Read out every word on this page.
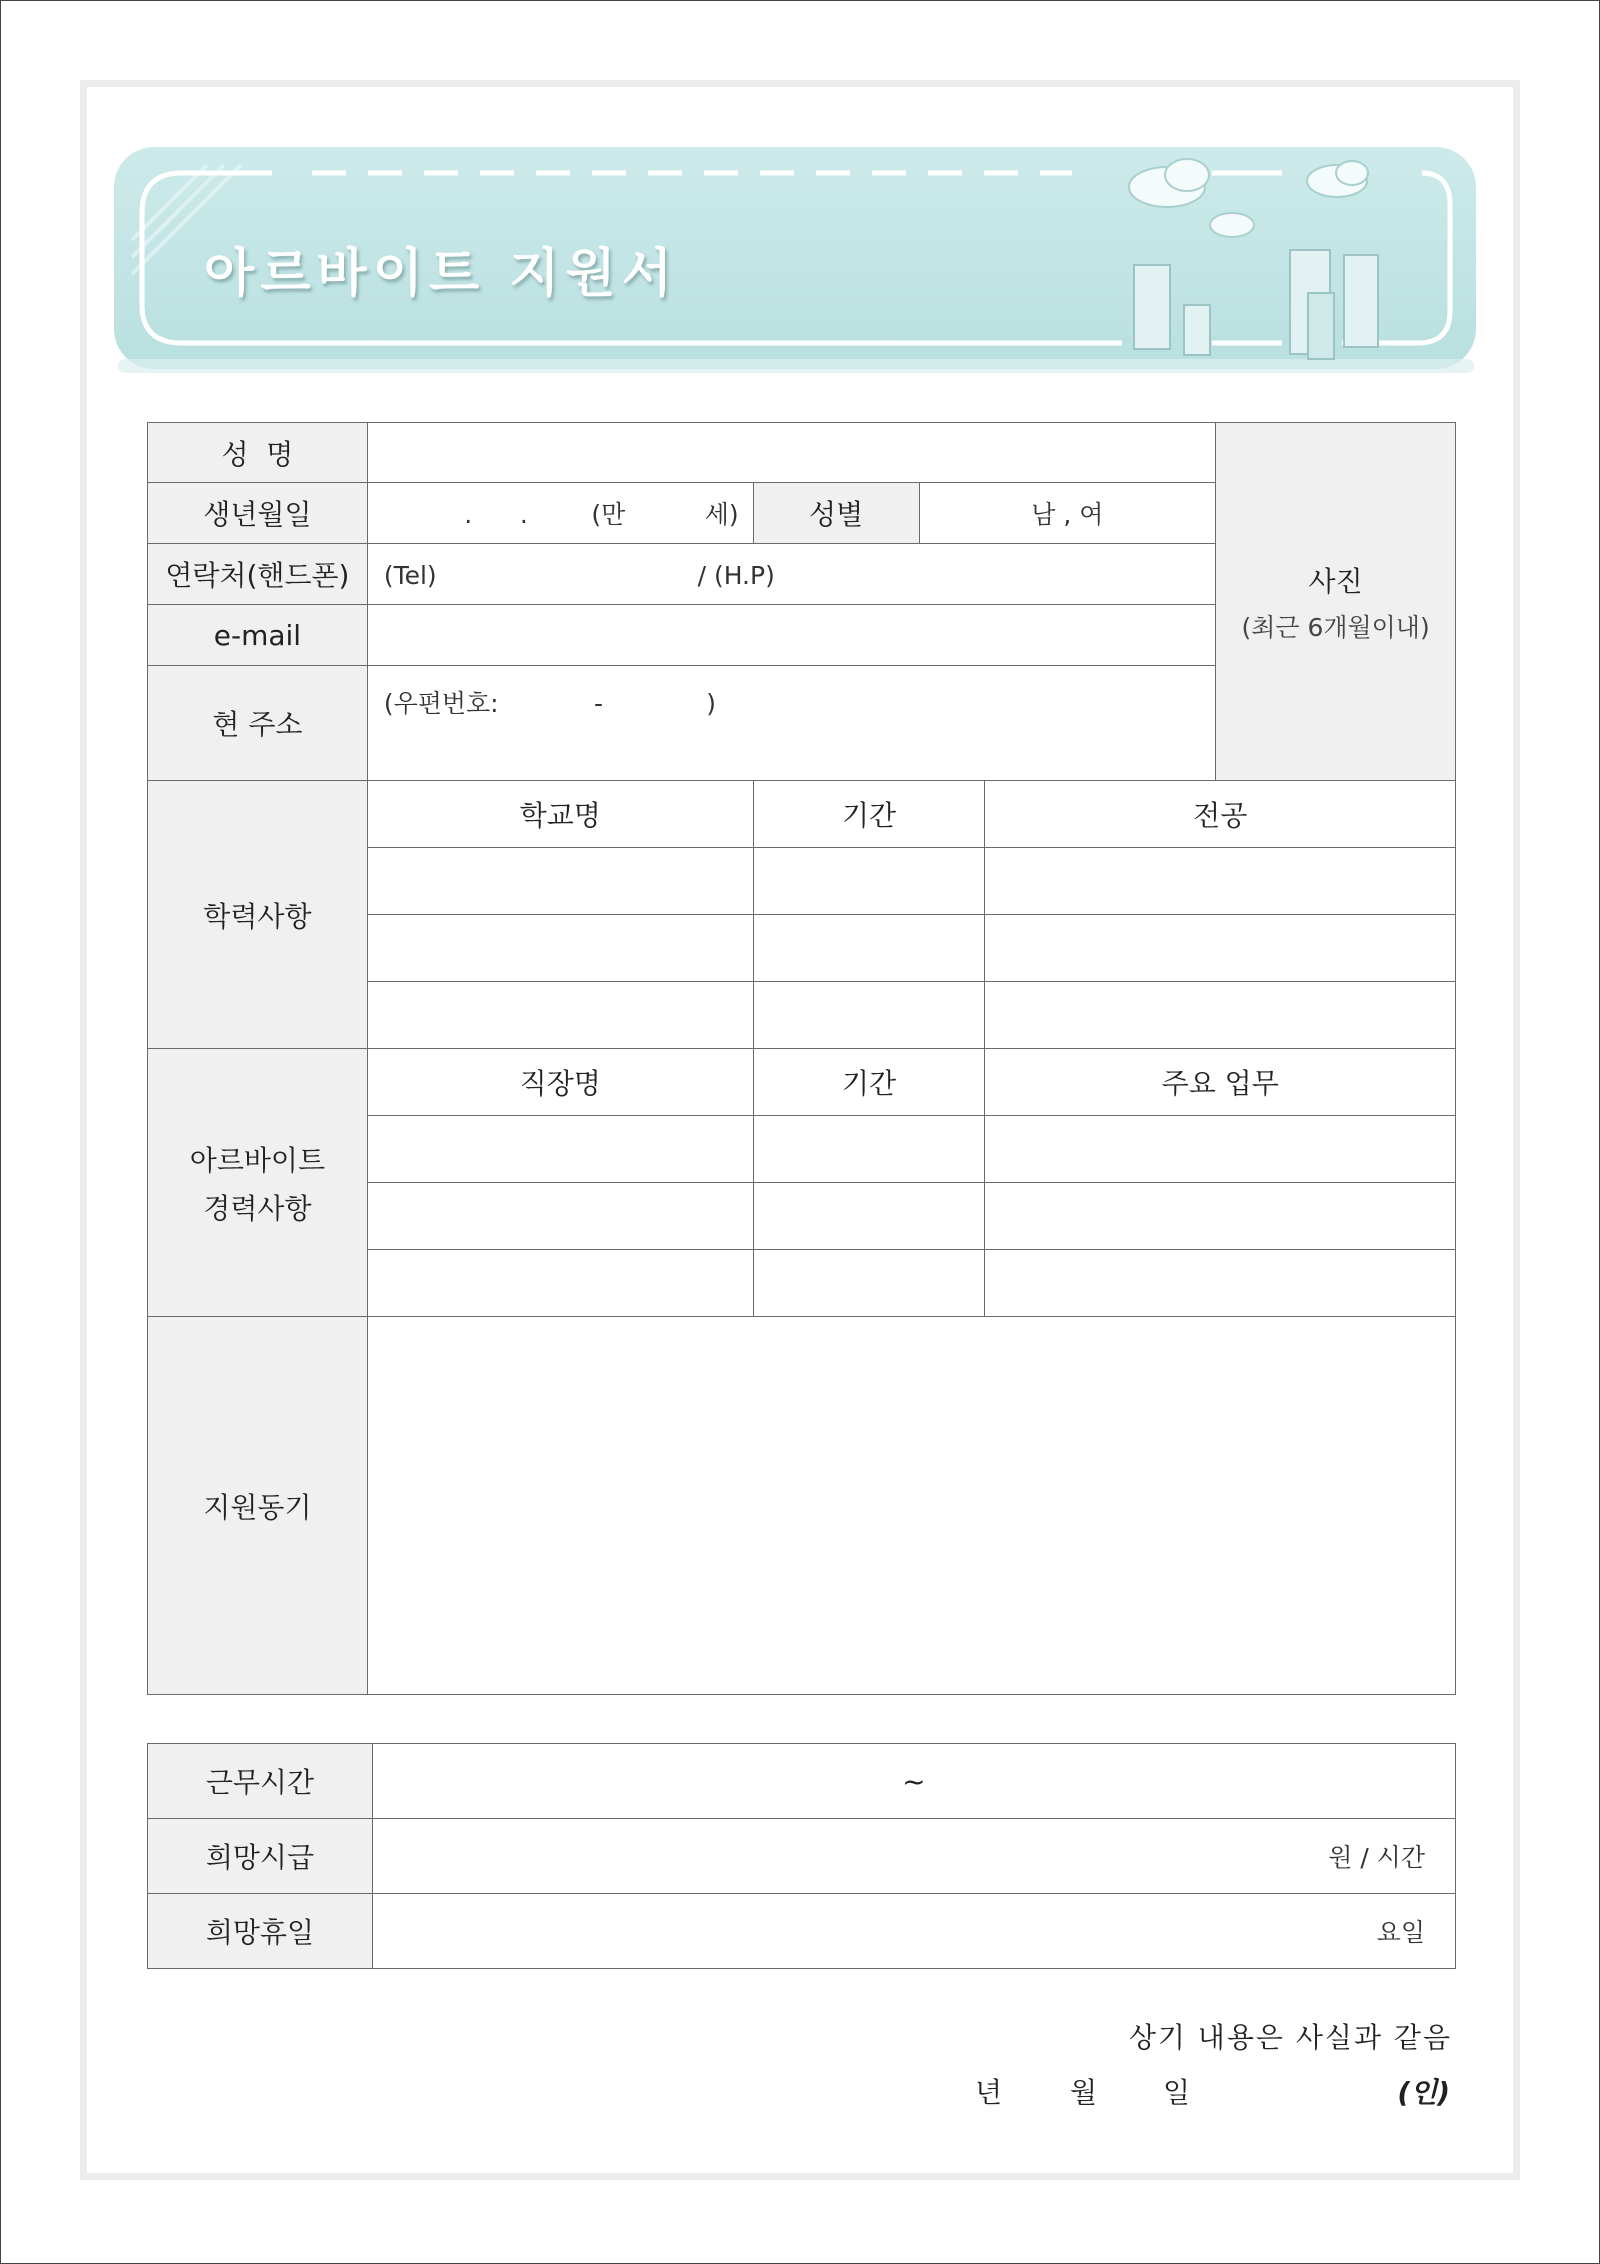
아르바이트 지원서
성  명					사진
(최근 6개월이내)

생년월일	.      .        (만          세)	성별	남 , 여		
연락처(핸드폰)	(Tel) / (H.P)				
e-mail					
현 주소	(우편번호:            -             )				
학력사항	학교명	기간		전공	

아르바이트
경력사항	직장명	기간		주요 업무	

지원동기					
근무시간	~
희망시급	원 / 시간
희망휴일	요일
상기 내용은 사실과 같음
년 월 일	(인)
